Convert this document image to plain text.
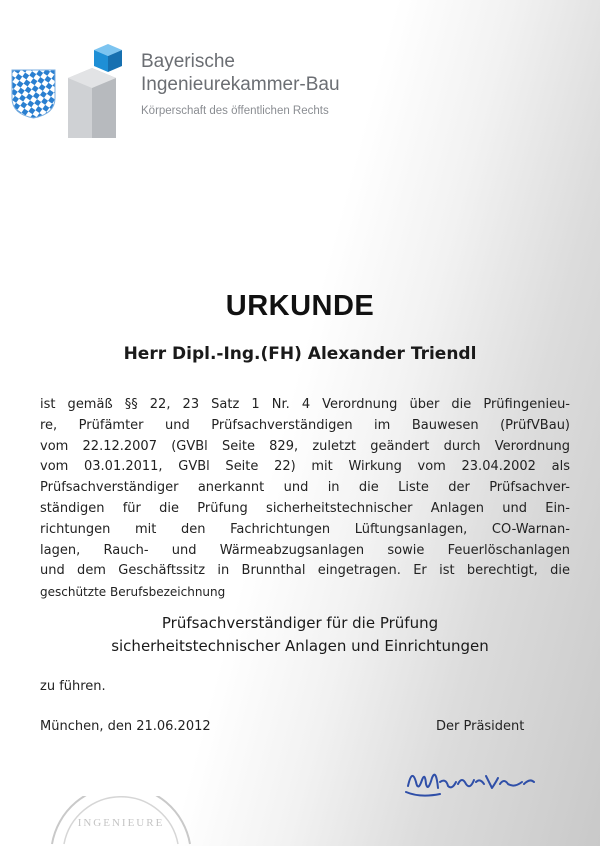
Bayerische
Ingenieurekammer-Bau
Körperschaft des öffentlichen Rechts
URKUNDE
Herr Dipl.-Ing.(FH) Alexander Triendl
ist gemäß §§ 22, 23 Satz 1 Nr. 4 Verordnung über die Prüfingenieu-
re, Prüfämter und Prüfsachverständigen im Bauwesen (PrüfVBau)
vom 22.12.2007 (GVBl Seite 829, zuletzt geändert durch Verordnung
vom 03.01.2011, GVBl Seite 22) mit Wirkung vom 23.04.2002 als
Prüfsachverständiger anerkannt und in die Liste der Prüfsachver-
ständigen für die Prüfung sicherheitstechnischer Anlagen und Ein-
richtungen mit den Fachrichtungen Lüftungsanlagen, CO-Warnan-
lagen, Rauch- und Wärmeabzugsanlagen sowie Feuerlöschanlagen
und dem Geschäftssitz in Brunnthal eingetragen. Er ist berechtigt, die
geschützte Berufsbezeichnung
Prüfsachverständiger für die Prüfung
sicherheitstechnischer Anlagen und Einrichtungen
zu führen.
München, den 21.06.2012	Der Präsident
INGENIEURE
